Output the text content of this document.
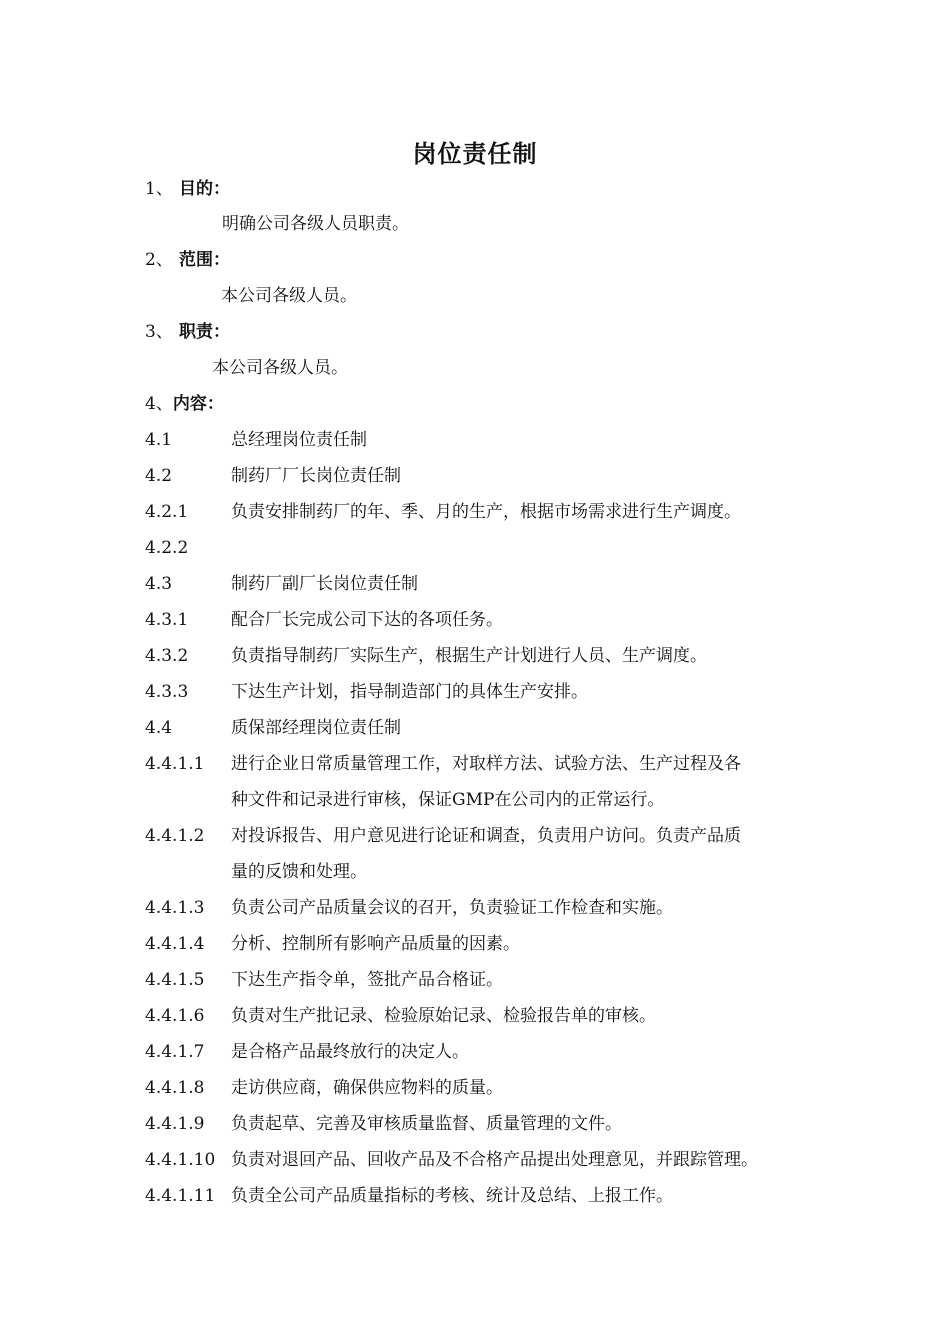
岗位责任制
1、 目的：
明确公司各级人员职责。
2、 范围：
本公司各级人员。
3、 职责：
本公司各级人员。
4、内容：
4.1	总经理岗位责任制
4.2	制药厂厂长岗位责任制
4.2.1	负责安排制药厂的年、季、月的生产，根据市场需求进行生产调度。
4.2.2
4.3	制药厂副厂长岗位责任制
4.3.1	配合厂长完成公司下达的各项任务。
4.3.2	负责指导制药厂实际生产，根据生产计划进行人员、生产调度。
4.3.3	下达生产计划，指导制造部门的具体生产安排。
4.4	质保部经理岗位责任制
4.4.1.1 进行企业日常质量管理工作，对取样方法、试验方法、生产过程及各
种文件和记录进行审核，保证GMP在公司内的正常运行。
4.4.1.2 对投诉报告、用户意见进行论证和调查，负责用户访问。负责产品质
量的反馈和处理。
4.4.1.3 负责公司产品质量会议的召开，负责验证工作检查和实施。
4.4.1.4 分析、控制所有影响产品质量的因素。
4.4.1.5 下达生产指令单，签批产品合格证。
4.4.1.6 负责对生产批记录、检验原始记录、检验报告单的审核。
4.4.1.7 是合格产品最终放行的决定人。
4.4.1.8 走访供应商，确保供应物料的质量。
4.4.1.9 负责起草、完善及审核质量监督、质量管理的文件。
4.4.1.10 负责对退回产品、回收产品及不合格产品提出处理意见，并跟踪管理。
4.4.1.11 负责全公司产品质量指标的考核、统计及总结、上报工作。
